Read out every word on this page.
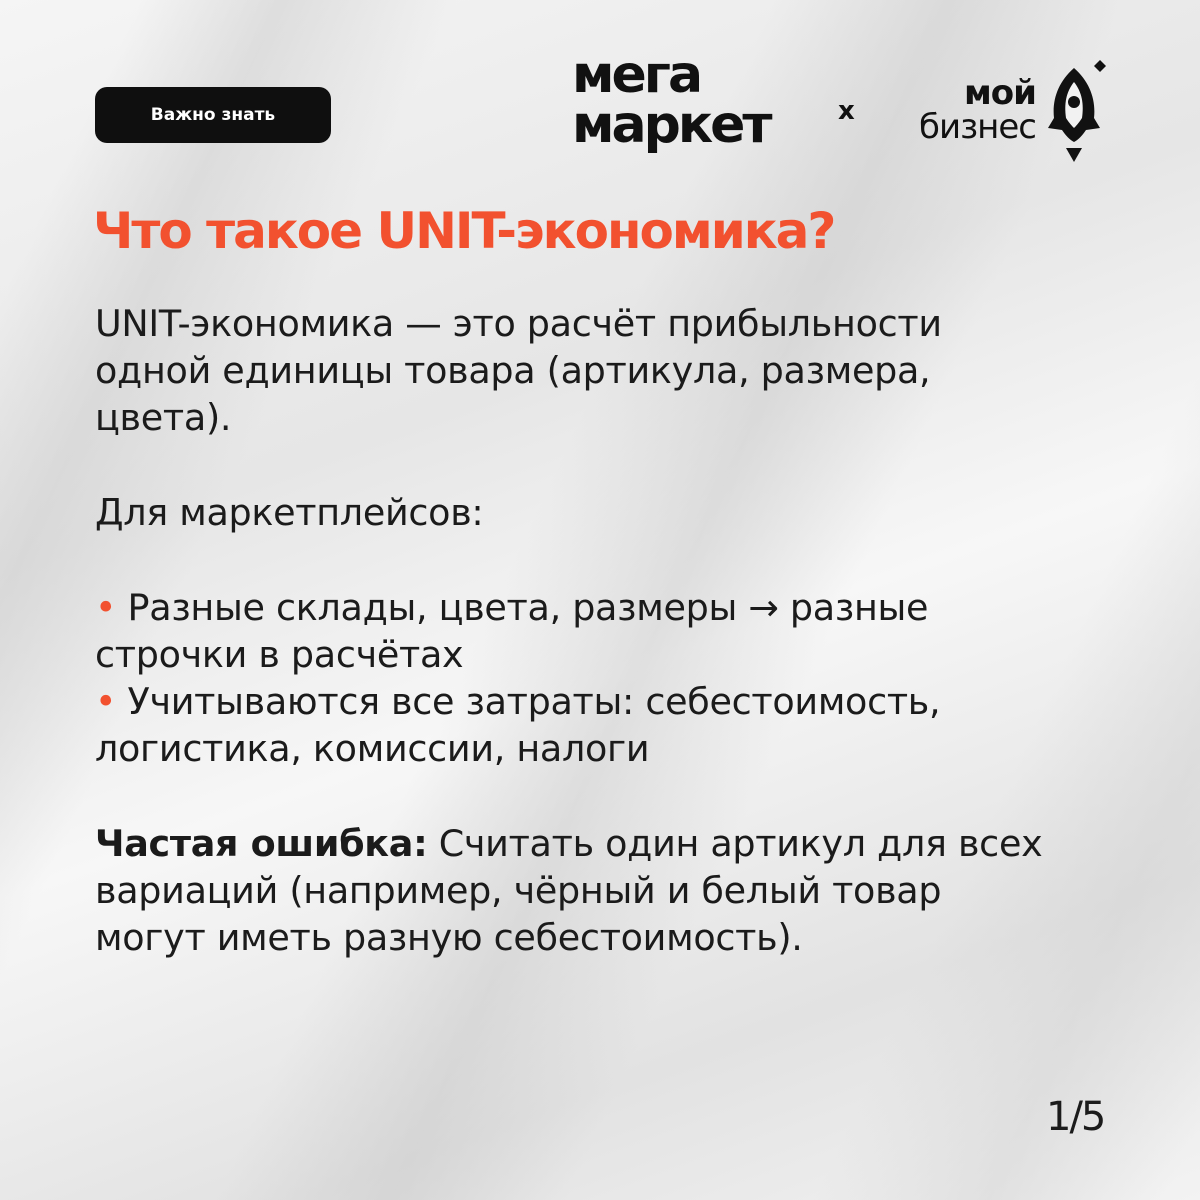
Важно знать
мега
маркет	x	мой
бизнес
Что такое UNIT-экономика?

UNIT-экономика — это расчёт прибыльности

одной единицы товара (артикула, размера,

цвета).

Для маркетплейсов:

• Разные склады, цвета, размеры → разные

строчки в расчётах

• Учитываются все затраты: себестоимость,

логистика, комиссии, налоги

Частая ошибка: Считать один артикул для всех

вариаций (например, чёрный и белый товар

могут иметь разную себестоимость).

1/5
